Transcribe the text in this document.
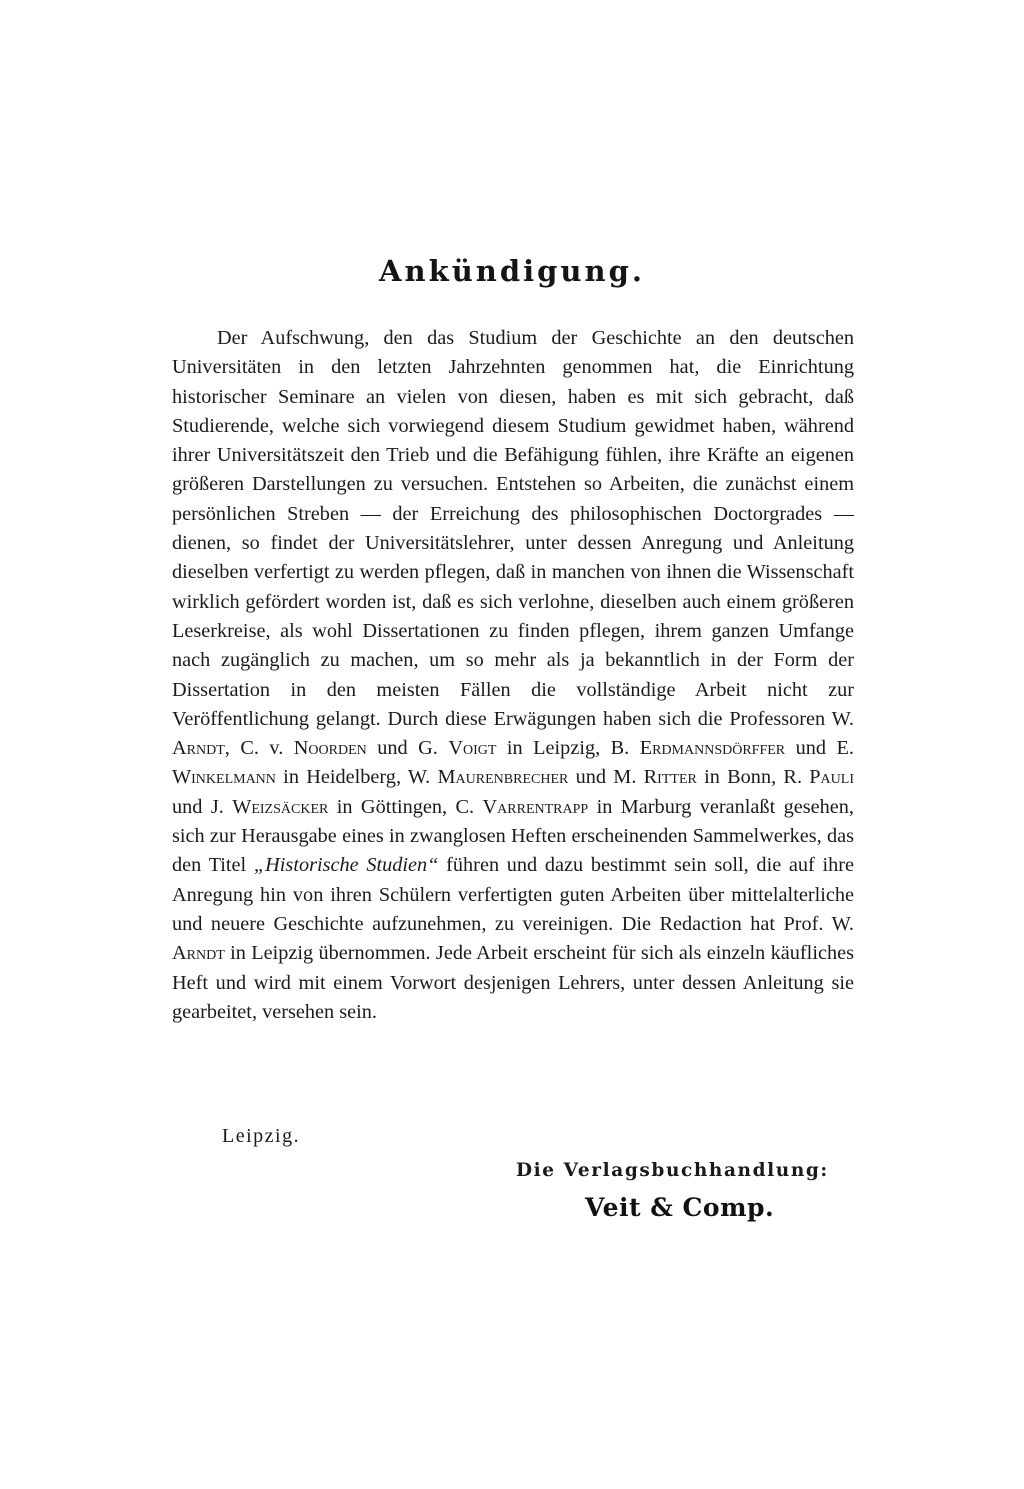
Ankündigung.

Der Aufschwung, den das Studium der Geschichte an den deutschen Universitäten in den letzten Jahrzehnten genommen hat, die Einrichtung historischer Seminare an vielen von diesen, haben es mit sich gebracht, daß Studierende, welche sich vorwiegend diesem Studium gewidmet haben, während ihrer Universitätszeit den Trieb und die Befähigung fühlen, ihre Kräfte an eigenen größeren Darstellungen zu versuchen. Entstehen so Arbeiten, die zunächst einem persönlichen Streben — der Erreichung des philosophischen Doctorgrades — dienen, so findet der Universitätslehrer, unter dessen Anregung und Anleitung dieselben verfertigt zu werden pflegen, daß in manchen von ihnen die Wissenschaft wirklich gefördert worden ist, daß es sich verlohne, dieselben auch einem größeren Leserkreise, als wohl Dissertationen zu finden pflegen, ihrem ganzen Umfange nach zugänglich zu machen, um so mehr als ja bekanntlich in der Form der Dissertation in den meisten Fällen die vollständige Arbeit nicht zur Veröffentlichung gelangt. Durch diese Erwägungen haben sich die Professoren W. Arndt, C. v. Noorden und G. Voigt in Leipzig, B. Erdmannsdörffer und E. Winkelmann in Heidelberg, W. Maurenbrecher und M. Ritter in Bonn, R. Pauli und J. Weizsäcker in Göttingen, C. Varrentrapp in Marburg veranlaßt gesehen, sich zur Herausgabe eines in zwanglosen Heften erscheinenden Sammelwerkes, das den Titel „Historische Studien“ führen und dazu bestimmt sein soll, die auf ihre Anregung hin von ihren Schülern verfertigten guten Arbeiten über mittelalterliche und neuere Geschichte aufzunehmen, zu vereinigen. Die Redaction hat Prof. W. Arndt in Leipzig übernommen. Jede Arbeit erscheint für sich als einzeln käufliches Heft und wird mit einem Vorwort desjenigen Lehrers, unter dessen Anleitung sie gearbeitet, versehen sein.

Leipzig.
Die Verlagsbuchhandlung:
Veit & Comp.
